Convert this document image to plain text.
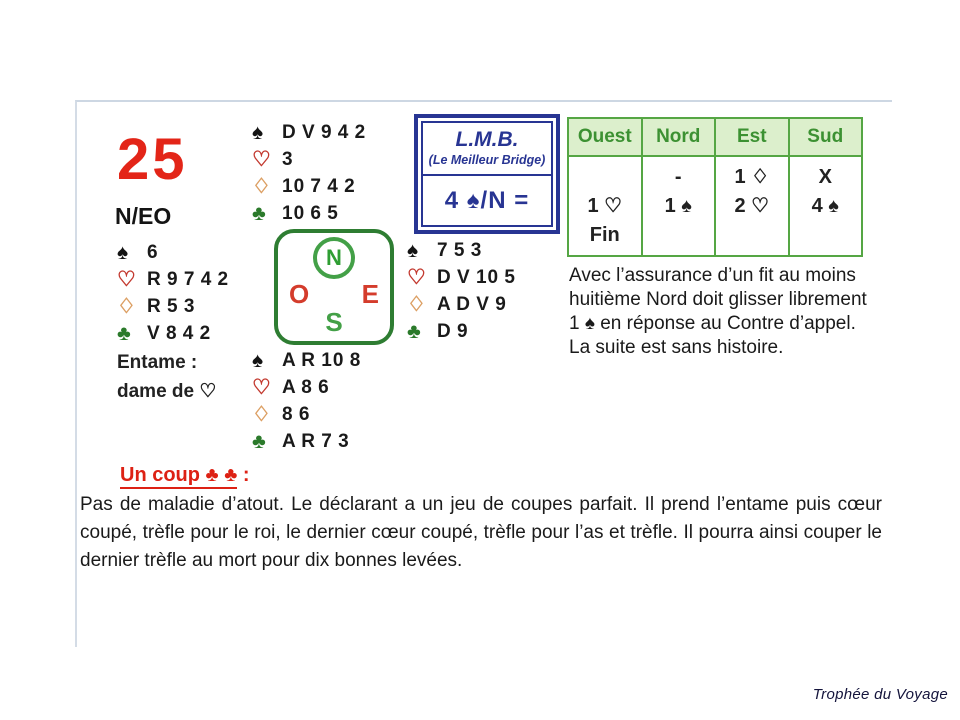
25
N/EO
♠ D V 9 4 2
♡ 3
♢ 10 7 4 2
♣ 10 6 5
L.M.B.
(Le Meilleur Bridge)
4 ♠/N =
Ouest
1 ♡
Fin
Nord
-
1 ♠
Est
1 ♢
2 ♡
Sud
X
4 ♠
♠ 6
♡ R 9 7 4 2
♢ R 5 3
♣ V 8 4 2
N
O E
S
♠ 7 5 3
♡ D V 10 5
♢ A D V 9
♣ D 9
Avec l’assurance d’un fit au moins
huitième Nord doit glisser librement
1 ♠ en réponse au Contre d’appel.
La suite est sans histoire.
Entame :
dame de ♡
♠ A R 10 8
♡ A 8 6
♢ 8 6
♣ A R 7 3
Un coup ♣ ♣ :
Pas de maladie d’atout. Le déclarant a un jeu de coupes parfait. Il prend l’entame puis cœur coupé, trèfle pour le roi, le dernier cœur coupé, trèfle pour l’as et trèfle. Il pourra ainsi couper le dernier trèfle au mort pour dix bonnes levées.
Trophée du Voyage
